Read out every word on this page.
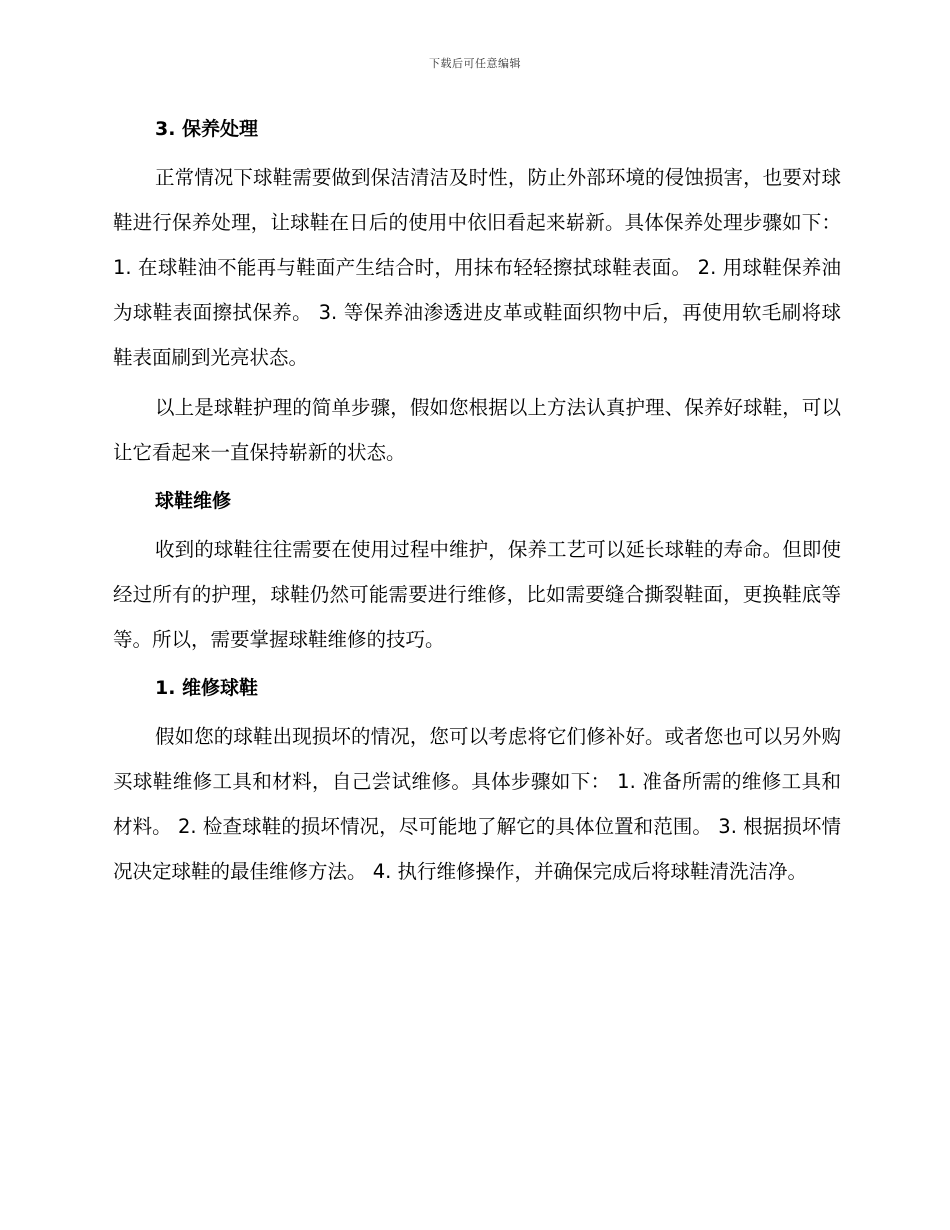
下载后可任意编辑

3. 保养处理

正常情况下球鞋需要做到保洁清洁及时性，防止外部环境的侵蚀损害，也要对球鞋进行保养处理，让球鞋在日后的使用中依旧看起来崭新。具体保养处理步骤如下： 1. 在球鞋油不能再与鞋面产生结合时，用抹布轻轻擦拭球鞋表面。 2. 用球鞋保养油为球鞋表面擦拭保养。 3. 等保养油渗透进皮革或鞋面织物中后，再使用软毛刷将球鞋表面刷到光亮状态。

以上是球鞋护理的简单步骤，假如您根据以上方法认真护理、保养好球鞋，可以让它看起来一直保持崭新的状态。

球鞋维修

收到的球鞋往往需要在使用过程中维护，保养工艺可以延长球鞋的寿命。但即使经过所有的护理，球鞋仍然可能需要进行维修，比如需要缝合撕裂鞋面，更换鞋底等等。所以，需要掌握球鞋维修的技巧。

1. 维修球鞋

假如您的球鞋出现损坏的情况，您可以考虑将它们修补好。或者您也可以另外购买球鞋维修工具和材料，自己尝试维修。具体步骤如下： 1. 准备所需的维修工具和材料。 2. 检查球鞋的损坏情况，尽可能地了解它的具体位置和范围。 3. 根据损坏情况决定球鞋的最佳维修方法。 4. 执行维修操作，并确保完成后将球鞋清洗洁净。
